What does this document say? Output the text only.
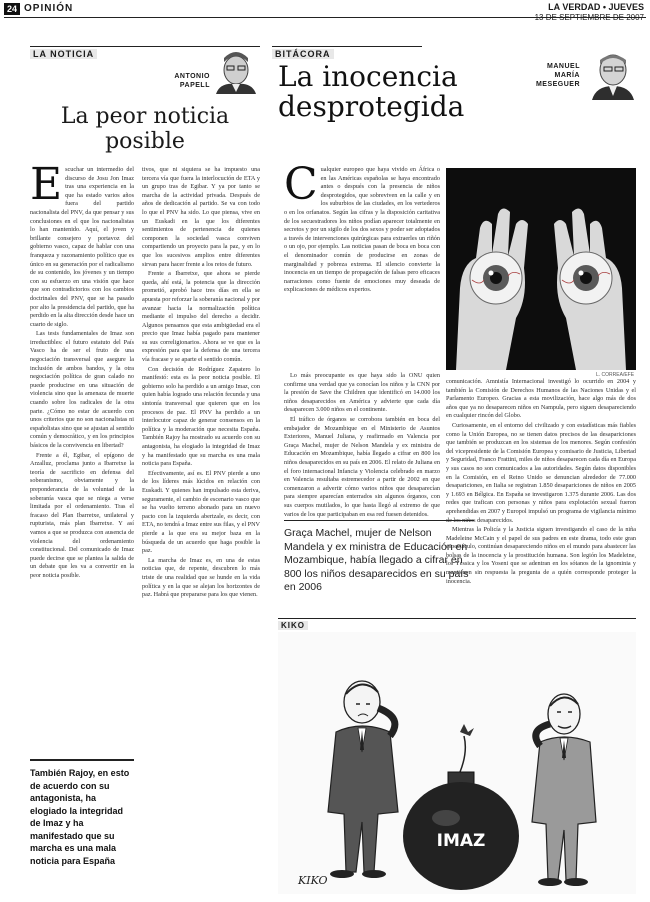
24 OPINIÓN	LA VERDAD • JUEVES
LA NOTICIA
ANTONIO
PAPELL
La peor noticia
posible

Escuchar un intermedio del discurso de Josu Jon Imaz tras una experiencia en la que ha estado varios años fuera del partido nacionalista del PNV, da que pensar y sus conclusiones en el que los nacionalistas lo han mantenido. Aquí, el joven y brillante consejero y portavoz del gobierno vasco, capaz de hablar con una franqueza y razonamiento político que es único en su generación por el radicalismo de su contenido, los jóvenes y un tiempo con su esfuerzo en una visión que hace que son contradictorios con los cambios doctrinales del PNV, que se ha pasado por alto la presidencia del partido, que ha perdido en la alta dirección desde hace un cuarto de siglo.

Las tesis fundamentales de Imaz son irreductibles: el futuro estatuto del País Vasco ha de ser el fruto de una negociación transversal que asegure la inclusión de ambos bandos, y la otra negociación política de gran calado no puede producirse en una situación de violencia sino que la amenaza de muerte cuando sobre los radicales de la otra parte. ¿Cómo no estar de acuerdo con unos criterios que no son nacionalistas ni españolistas sino que se ajustan al sentido común y democrático, y en los principios básicos de la convivencia en libertad?

Frente a él, Egibar, el epígono de Arzalluz, proclama junto a Ibarretxe la teoría de sacrificio en defensa del soberanismo, obviamente y la preponderancia de la voluntad de la soberanía vasca que se niega a verse limitada por el ordenamiento. Tras el fracaso del Plan Ibarretxe, unilateral y rupturista, más plan Ibarretxe. Y así vamos a que se produzca con ausencia de violencia del ordenamiento constitucional. Del comunicado de Imaz puede decirse que se plantea la salida de un debate que les va a convertir en la peor noticia posible.

También Rajoy, en esto de acuerdo con su antagonista, ha elogiado la integridad de Imaz y ha manifestado que su marcha es una mala noticia para España

tivos, que ni siquiera se ha impuesto una tercera vía que fuera la interlocución de ETA y un grupo tras de Egibar. Y ya por tanto se marcha de la actividad privada. Después de años de dedicación al partido. Se va con todo lo que el PNV ha sido. Lo que piensa, vive en un Euskadi en la que los diferentes sentimientos de pertenencia de quienes componen la sociedad vasca conviven compartiendo un proyecto para la paz, y en lo que los sucesivos amplios entre diferentes sirvan para hacer frente a los retos de futuro.

Frente a Ibarretxe, que ahora se pierde queda, ahí está, la potencia que la dirección prometió, aprobó hace tres días en ella se apuesta por reforzar la soberanía nacional y por avanzar hacia la normalización política mediante el impulso del derecho a decidir. Algunos pensamos que esta ambigüedad era el precio que Imaz había pagado para mantener su sus correligionarios. Ahora se ve que es la expresión para que la defensa de una tercera vía fracase y se aparte el sentido común.

Con decisión de Rodríguez Zapatero lo manifestó: esta es la peor noticia posible. El gobierno solo ha perdido a un amigo Imaz, con quien había logrado una relación fecunda y una sintonía transversal que quieren que en los procesos de paz. El PNV ha perdido a un interlocutor capaz de generar consensos en la política y la moderación que necesita España. También Rajoy ha mostrado su acuerdo con su antagonista, ha elogiado la integridad de Imaz y ha manifestado que su marcha es una mala noticia para España.

Efectivamente, así es. El PNV pierde a uno de los líderes más lúcidos en relación con Euskadi. Y quienes han impulsado esta deriva, seguramente, el cambio de escenario vasco que se ha vuelto terreno abonado para un nuevo pacto con la izquierda abertzale, es decir, con ETA, no tendrá a Imaz entre sus filas, y el PNV pierde a la que era su mejor baza en la búsqueda de un acuerdo que haga posible la paz.

La marcha de Imaz es, en una de estas noticias que, de repente, descubren lo más triste de una realidad que se hunde en la vida política y en la que se alejan los horizontes de paz. Habrá que prepararse para los que vienen.

BITÁCORA
La inocencia
desprotegida
MANUEL
MARÍA
MESEGUER

Cualquier europeo que haya vivido en África o en las Américas españolas se haya encontrado antes o después con la presencia de niños desprotegidos, que sobreviven en la calle y en los suburbios de las ciudades, en los vertederos o en los orfanatos. Según las cifras y la disposición caritativa de los secuestradores los niños podían aparecer totalmente en secretos y por un sigilo de los dos sexos y poder ser adoptados a través de intervenciones quirúrgicas para extraerles un riñón o un ojo, por ejemplo. Las noticias pasan de boca en boca con el denominador común de producirse en zonas de marginalidad y pobreza extrema. El silencio convierte la inocencia en un tiempo de propagación de falsas pero eficaces narraciones como fuente de emociones muy deseada de explicaciones de médicos expertos.

Lo más preocupante es que haya sido la ONU quien confirme una verdad que ya conocían los niños y la CNN por la presión de Save the Children que identificó en 14.000 los niños desaparecidos en América y advierte que cada día desaparecen 3.000 niños en el continente.

El tráfico de órganos se corrobora también en boca del embajador de Mozambique en el Ministerio de Asuntos Exteriores, Manuel Juliana, y reafirmado en Valencia por Graça Machel, mujer de Nelson Mandela y ex ministra de Educación en Mozambique, había llegado a cifrar en 800 los niños desaparecidos en su país en 2006. El relato de Juliana en el foro internacional Infancia y Violencia celebrado en marzo en Valencia resultaba estremecedor a partir de 2002 en que comenzaron a advertir cómo varios niños que desaparecían para siempre aparecían enterrados sin algunos órganos, con sus cuerpos mutilados, lo que hasta llegó al extremo de que varios de los que participaban en esa red fuesen detenidos.

L. CORREA/EFE
Graça Machel, mujer de Nelson Mandela y ex ministra de Educación en Mozambique, había llegado a cifrar en 800 los niños desaparecidos en su país en 2006

comunicación. Amnistía Internacional investigó lo ocurrido en 2004 y también la Comisión de Derechos Humanos de las Naciones Unidas y el Parlamento Europeo. Gracias a esta movilización, hace algo más de dos años que ya no desaparecen niños en Nampula, pero siguen desapareciendo en cualquier rincón del Globo.

Curiosamente, en el entorno del civilizado y con estadísticas más fiables como la Unión Europea, no se tienen datos precisos de las desapariciones que también se produzcan en los sistemas de los menores. Según confesión del vicepresidente de la Comisión Europea y comisario de Justicia, Libertad y Seguridad, Franco Frattini, miles de niños desaparecen cada día en Europa y sus casos no son comunicados a las autoridades. Según datos disponibles en la Comisión, en el Reino Unido se denuncian alrededor de 77.000 desapariciones, en Italia se registran 1.850 desapariciones de niños en 2005 y 1.693 en Bélgica. En España se investigaron 1.375 durante 2006. Las dos redes que trafican con personas y niños para explotación sexual fueron aprehendidas en 2007 y Europol impulsó un programa de vigilancia mínimo de los niños desaparecidos.

Mientras la Policía y la Justicia siguen investigando el caso de la niña Madeleine McCain y el papel de sus padres en este drama, todo este gran espectáculo, continúan desapareciendo niños en el mundo para abastecer las bolsas de la inocencia y la prostitución humana. Son legión los Madeleine, los Yéssica y los Yoseni que se adentran en los sótanos de la ignominia y mantienen sin respuesta la pregunta de a quién corresponde proteger la inocencia.

KIKO
IMAZ
KIKO
